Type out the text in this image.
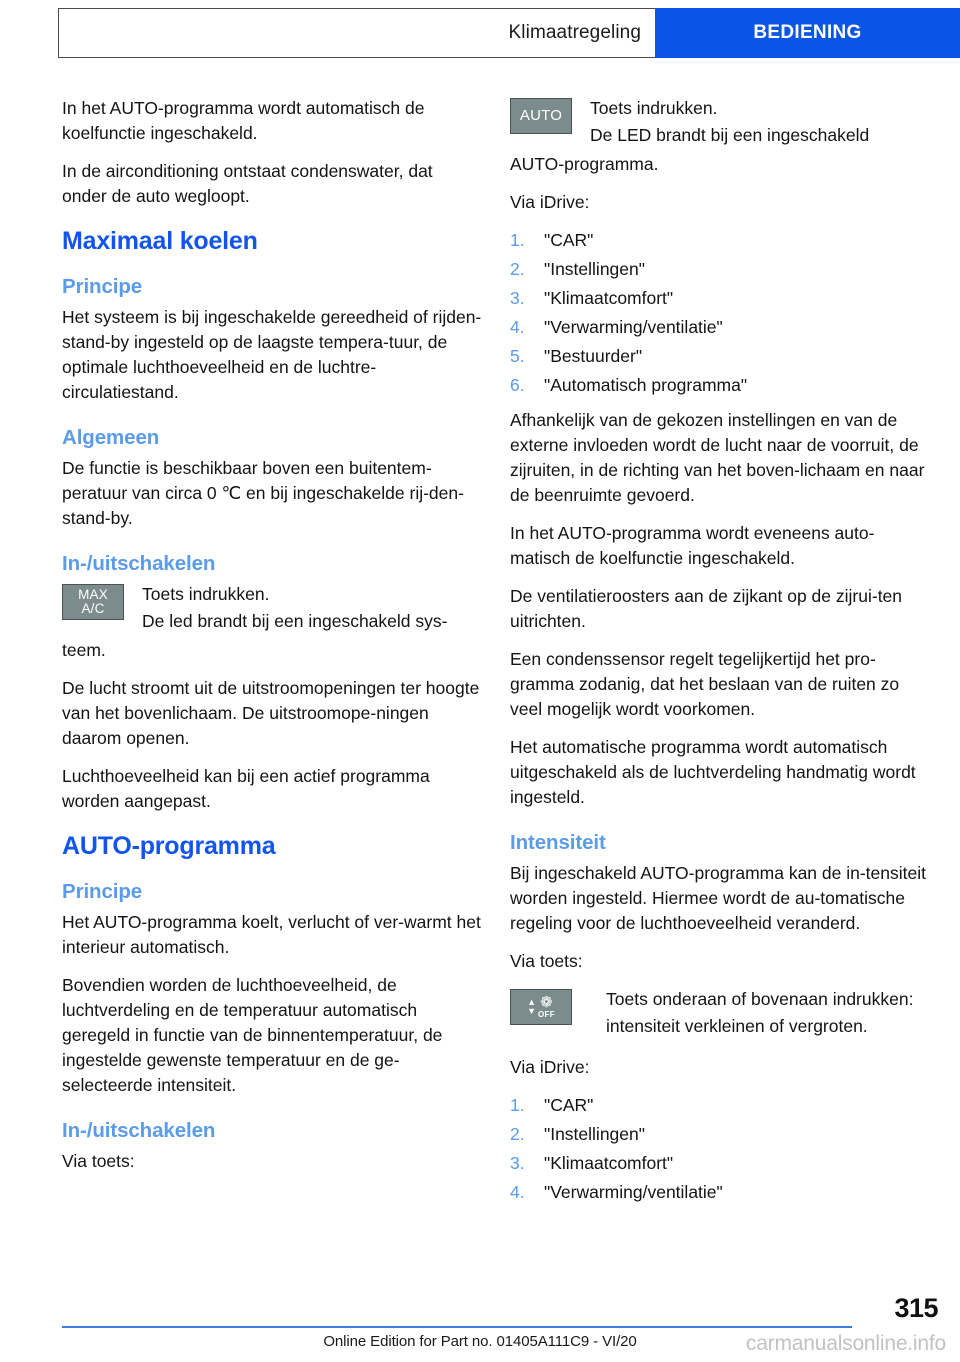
Klimaatregeling	BEDIENING

In het AUTO-programma wordt automatisch de koelfunctie ingeschakeld.

In de airconditioning ontstaat condenswater, dat onder de auto wegloopt.

Maximaal koelen
Principe

Het systeem is bij ingeschakelde gereedheid of rijden-stand-by ingesteld op de laagste tempera‐tuur, de optimale luchthoeveelheid en de luchtre‐circulatiestand.

Algemeen

De functie is beschikbaar boven een buitentem‐peratuur van circa 0 ℃ en bij ingeschakelde rij‐den-stand-by.

In-/uitschakelen
MAX
A/C
Toets indrukken.
De led brandt bij een ingeschakeld sys‐

teem.

De lucht stroomt uit de uitstroomopeningen ter hoogte van het bovenlichaam. De uitstroomope‐ningen daarom openen.

Luchthoeveelheid kan bij een actief programma worden aangepast.

AUTO-programma
Principe

Het AUTO-programma koelt, verlucht of ver‐warmt het interieur automatisch.

Bovendien worden de luchthoeveelheid, de luchtverdeling en de temperatuur automatisch geregeld in functie van de binnentemperatuur, de ingestelde gewenste temperatuur en de ge‐selecteerde intensiteit.

In-/uitschakelen

Via toets:

AUTO Toets indrukken.
De LED brandt bij een ingeschakeld

AUTO-programma.

Via iDrive:

1. "CAR"
2. "Instellingen"
3. "Klimaatcomfort"
4. "Verwarming/ventilatie"
5. "Bestuurder"
6. "Automatisch programma"

Afhankelijk van de gekozen instellingen en van de externe invloeden wordt de lucht naar de voorruit, de zijruiten, in de richting van het boven‐lichaam en naar de beenruimte gevoerd.

In het AUTO-programma wordt eveneens auto‐matisch de koelfunctie ingeschakeld.

De ventilatieroosters aan de zijkant op de zijrui‐ten uitrichten.

Een condenssensor regelt tegelijkertijd het pro‐gramma zodanig, dat het beslaan van de ruiten zo veel mogelijk wordt voorkomen.

Het automatische programma wordt automatisch uitgeschakeld als de luchtverdeling handmatig wordt ingesteld.

Intensiteit

Bij ingeschakeld AUTO-programma kan de in‐tensiteit worden ingesteld. Hiermee wordt de au‐tomatische regeling voor de luchthoeveelheid veranderd.

Via toets:

▲
▼
❁
OFF
Toets onderaan of bovenaan indrukken:
intensiteit verkleinen of vergroten.

Via iDrive:

1. "CAR"
2. "Instellingen"
3. "Klimaatcomfort"
4. "Verwarming/ventilatie"
315
Online Edition for Part no. 01405A111C9 - VI/20	carmanualsonline.info
